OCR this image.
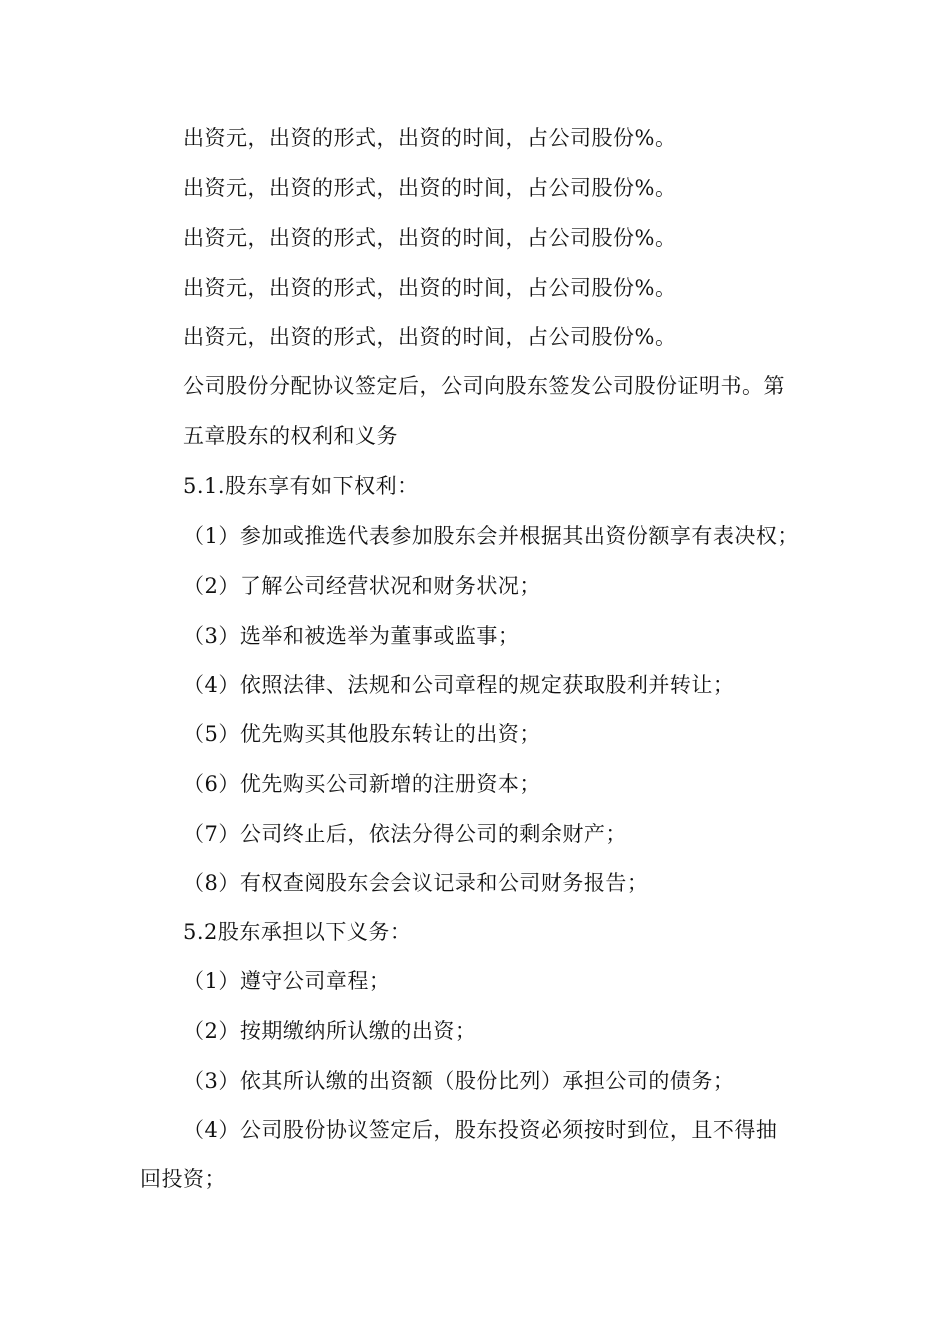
出资元，出资的形式，出资的时间，占公司股份%。
出资元，出资的形式，出资的时间，占公司股份%。
出资元，出资的形式，出资的时间，占公司股份%。
出资元，出资的形式，出资的时间，占公司股份%。
出资元，出资的形式，出资的时间，占公司股份%。
公司股份分配协议签定后，公司向股东签发公司股份证明书。第
五章股东的权利和义务
5.1.股东享有如下权利：
（1）参加或推选代表参加股东会并根据其出资份额享有表决权；
（2）了解公司经营状况和财务状况；
（3）选举和被选举为董事或监事；
（4）依照法律、法规和公司章程的规定获取股利并转让；
（5）优先购买其他股东转让的出资；
（6）优先购买公司新增的注册资本；
（7）公司终止后，依法分得公司的剩余财产；
（8）有权查阅股东会会议记录和公司财务报告；
5.2股东承担以下义务：
（1）遵守公司章程；
（2）按期缴纳所认缴的出资；
（3）依其所认缴的出资额（股份比列）承担公司的债务；
（4）公司股份协议签定后，股东投资必须按时到位，且不得抽
回投资；
